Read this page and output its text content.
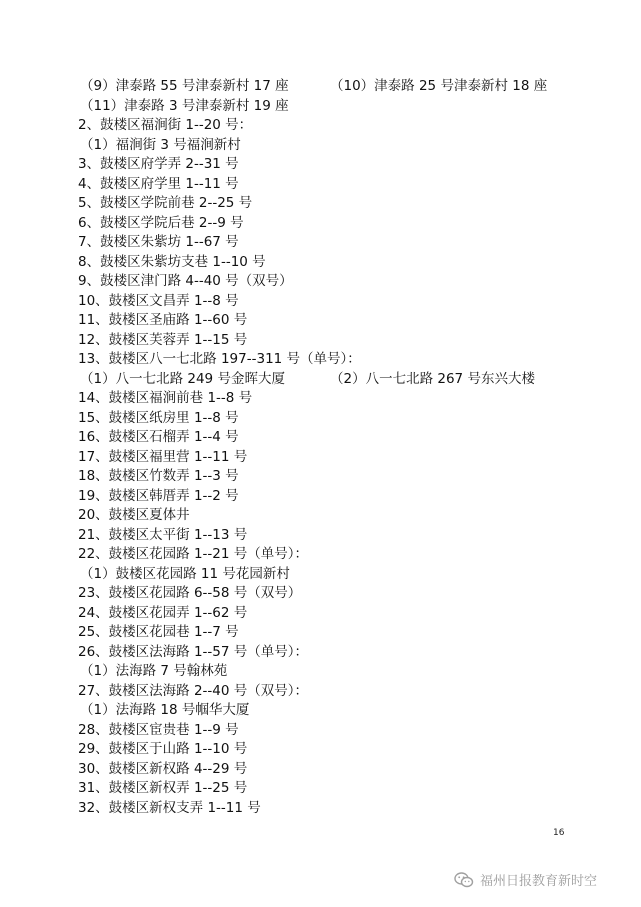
（9）津泰路 55 号津泰新村 17 座	（10）津泰路 25 号津泰新村 18 座
（11）津泰路 3 号津泰新村 19 座
2、鼓楼区福涧街 1--20 号：
（1）福涧街 3 号福涧新村
3、鼓楼区府学弄 2--31 号
4、鼓楼区府学里 1--11 号
5、鼓楼区学院前巷 2--25 号
6、鼓楼区学院后巷 2--9 号
7、鼓楼区朱紫坊 1--67 号
8、鼓楼区朱紫坊支巷 1--10 号
9、鼓楼区津门路 4--40 号（双号）
10、鼓楼区文昌弄 1--8 号
11、鼓楼区圣庙路 1--60 号
12、鼓楼区芙蓉弄 1--15 号
13、鼓楼区八一七北路 197--311 号（单号）：
（1）八一七北路 249 号金晖大厦	（2）八一七北路 267 号东兴大楼
14、鼓楼区福涧前巷 1--8 号
15、鼓楼区纸房里 1--8 号
16、鼓楼区石榴弄 1--4 号
17、鼓楼区福里营 1--11 号
18、鼓楼区竹数弄 1--3 号
19、鼓楼区韩厝弄 1--2 号
20、鼓楼区夏体井
21、鼓楼区太平街 1--13 号
22、鼓楼区花园路 1--21 号（单号）：
（1）鼓楼区花园路 11 号花园新村
23、鼓楼区花园路 6--58 号（双号）
24、鼓楼区花园弄 1--62 号
25、鼓楼区花园巷 1--7 号
26、鼓楼区法海路 1--57 号（单号）：
（1）法海路 7 号翰林苑
27、鼓楼区法海路 2--40 号（双号）：
（1）法海路 18 号帼华大厦
28、鼓楼区宦贵巷 1--9 号
29、鼓楼区于山路 1--10 号
30、鼓楼区新权路 4--29 号
31、鼓楼区新权弄 1--25 号
32、鼓楼区新权支弄 1--11 号
16
福州日报教育新时空
